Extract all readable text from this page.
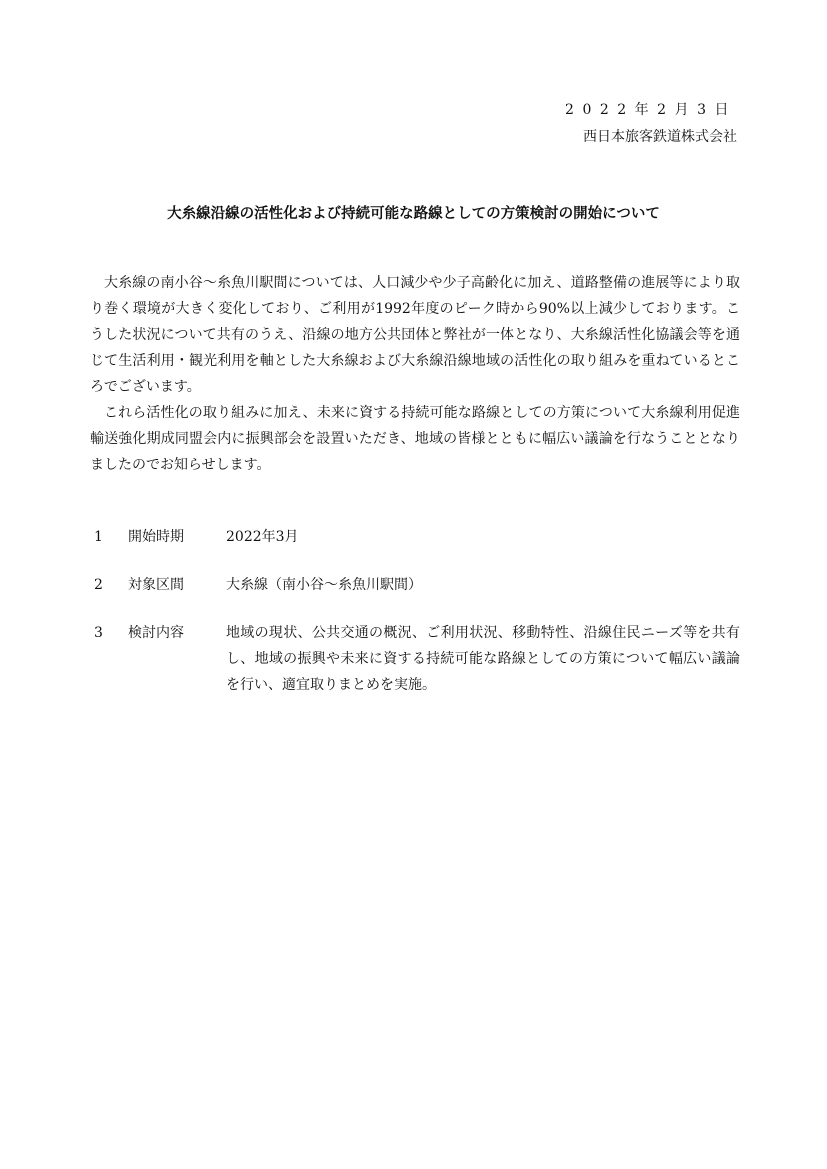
2022年2月3日
西日本旅客鉄道株式会社
大糸線沿線の活性化および持続可能な路線としての方策検討の開始について

大糸線の南小谷～糸魚川駅間については、人口減少や少子高齢化に加え、道路整備の進展等により取り巻く環境が大きく変化しており、ご利用が1992年度のピーク時から90%以上減少しております。こうした状況について共有のうえ、沿線の地方公共団体と弊社が一体となり、大糸線活性化協議会等を通じて生活利用・観光利用を軸とした大糸線および大糸線沿線地域の活性化の取り組みを重ねているところでございます。

これら活性化の取り組みに加え、未来に資する持続可能な路線としての方策について大糸線利用促進輸送強化期成同盟会内に振興部会を設置いただき、地域の皆様とともに幅広い議論を行なうこととなりましたのでお知らせします。

1	開始時期	2022年3月
2	対象区間	大糸線（南小谷～糸魚川駅間）
3	検討内容	地域の現状、公共交通の概況、ご利用状況、移動特性、沿線住民ニーズ等を共有し、地域の振興や未来に資する持続可能な路線としての方策について幅広い議論を行い、適宜取りまとめを実施。
